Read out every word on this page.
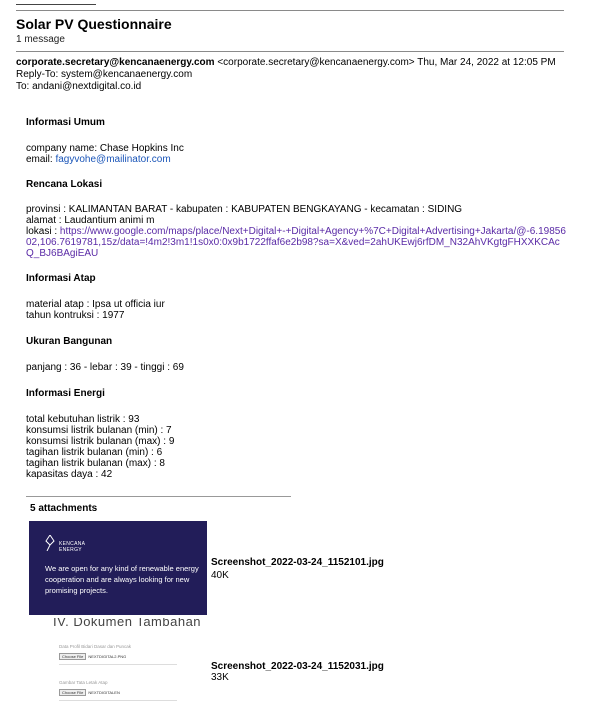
Solar PV Questionnaire
1 message
corporate.secretary@kencanaenergy.com <corporate.secretary@kencanaenergy.com> Thu, Mar 24, 2022 at 12:05 PM
Reply-To: system@kencanaenergy.com
To: andani@nextdigital.co.id

Informasi Umum

company name: Chase Hopkins Inc

email: fagyvohe@mailinator.com

Rencana Lokasi

provinsi : KALIMANTAN BARAT - kabupaten : KABUPATEN BENGKAYANG - kecamatan : SIDING

alamat : Laudantium animi m

lokasi : https://www.google.com/maps/place/Next+Digital+-+Digital+Agency+%7C+Digital+Advertising+Jakarta/@-6.1985602,106.7619781,15z/data=!4m2!3m1!1s0x0:0x9b1722ffaf6e2b98?sa=X&ved=2ahUKEwj6rfDM_N32AhVKgtgFHXXKCAcQ_BJ6BAgiEAU

Informasi Atap

material atap : Ipsa ut officia iur

tahun kontruksi : 1977

Ukuran Bangunan

panjang : 36 - lebar : 39 - tinggi : 69

Informasi Energi

total kebutuhan listrik : 93

konsumsi listrik bulanan (min) : 7

konsumsi listrik bulanan (max) : 9

tagihan listrik bulanan (min) : 6

tagihan listrik bulanan (max) : 8

kapasitas daya : 42

5 attachments
KENCANA
ENERGY
We are open for any kind of renewable energy cooperation and are always looking for new promising projects.
Screenshot_2022-03-24_1152101.jpg
40K
IV. Dokumen Tambahan
Data Profil Bidari Dasar dan Puncak
Choose File NEXTDIGITAL2.PNG
Gambar Tata Letak Atap
Choose File NEXTDIGITALEN
Screenshot_2022-03-24_1152031.jpg
33K
